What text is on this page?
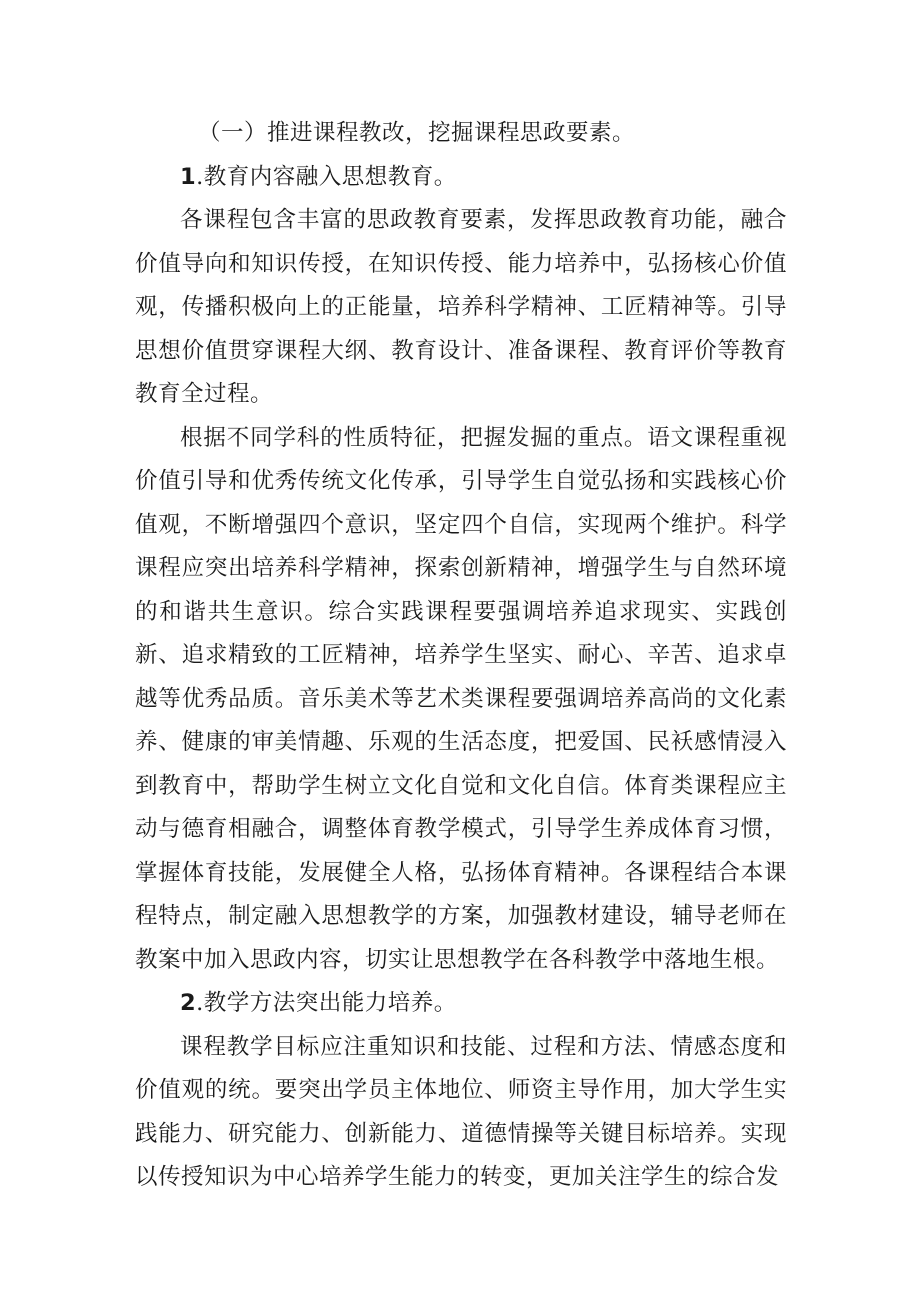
（一）推进课程教改，挖掘课程思政要素。

1.教育内容融入思想教育。

各课程包含丰富的思政教育要素，发挥思政教育功能，融合价值导向和知识传授，在知识传授、能力培养中，弘扬核心价值观，传播积极向上的正能量，培养科学精神、工匠精神等。引导思想价值贯穿课程大纲、教育设计、准备课程、教育评价等教育教育全过程。

根据不同学科的性质特征，把握发掘的重点。语文课程重视价值引导和优秀传统文化传承，引导学生自觉弘扬和实践核心价值观，不断增强四个意识，坚定四个自信，实现两个维护。科学课程应突出培养科学精神，探索创新精神，增强学生与自然环境的和谐共生意识。综合实践课程要强调培养追求现实、实践创新、追求精致的工匠精神，培养学生坚实、耐心、辛苦、追求卓越等优秀品质。音乐美术等艺术类课程要强调培养高尚的文化素养、健康的审美情趣、乐观的生活态度，把爱国、民袄感情浸入到教育中，帮助学生树立文化自觉和文化自信。体育类课程应主动与德育相融合，调整体育教学模式，引导学生养成体育习惯，掌握体育技能，发展健全人格，弘扬体育精神。各课程结合本课程特点，制定融入思想教学的方案，加强教材建设，辅导老师在教案中加入思政内容，切实让思想教学在各科教学中落地生根。

2.教学方法突出能力培养。

课程教学目标应注重知识和技能、过程和方法、情感态度和价值观的统。要突出学员主体地位、师资主导作用，加大学生实践能力、研究能力、创新能力、道德情操等关键目标培养。实现以传授知识为中心培养学生能力的转变，更加关注学生的综合发
